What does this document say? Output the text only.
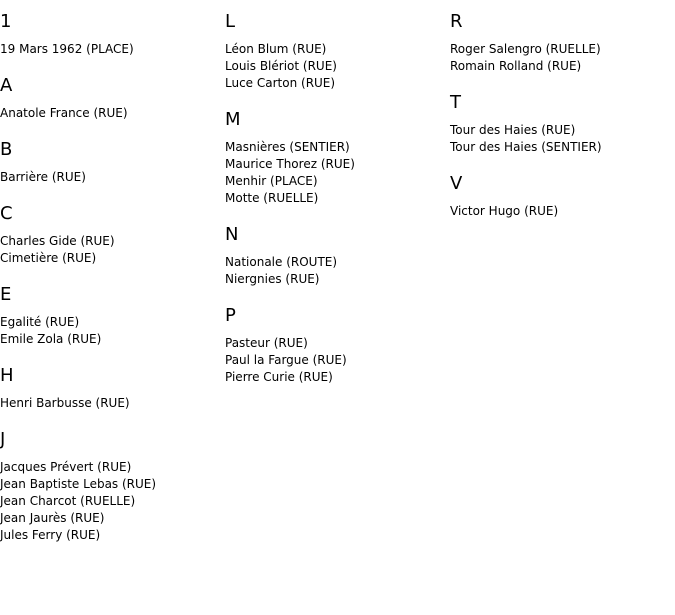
1
19 Mars 1962 (PLACE)
A
Anatole France (RUE)
B
Barrière (RUE)
C
Charles Gide (RUE)
Cimetière (RUE)
E
Egalité (RUE)
Emile Zola (RUE)
H
Henri Barbusse (RUE)
J
Jacques Prévert (RUE)
Jean Baptiste Lebas (RUE)
Jean Charcot (RUELLE)
Jean Jaurès (RUE)
Jules Ferry (RUE)
L
Léon Blum (RUE)
Louis Blériot (RUE)
Luce Carton (RUE)
M
Masnières (SENTIER)
Maurice Thorez (RUE)
Menhir (PLACE)
Motte (RUELLE)
N
Nationale (ROUTE)
Niergnies (RUE)
P
Pasteur (RUE)
Paul la Fargue (RUE)
Pierre Curie (RUE)
R
Roger Salengro (RUELLE)
Romain Rolland (RUE)
T
Tour des Haies (RUE)
Tour des Haies (SENTIER)
V
Victor Hugo (RUE)
